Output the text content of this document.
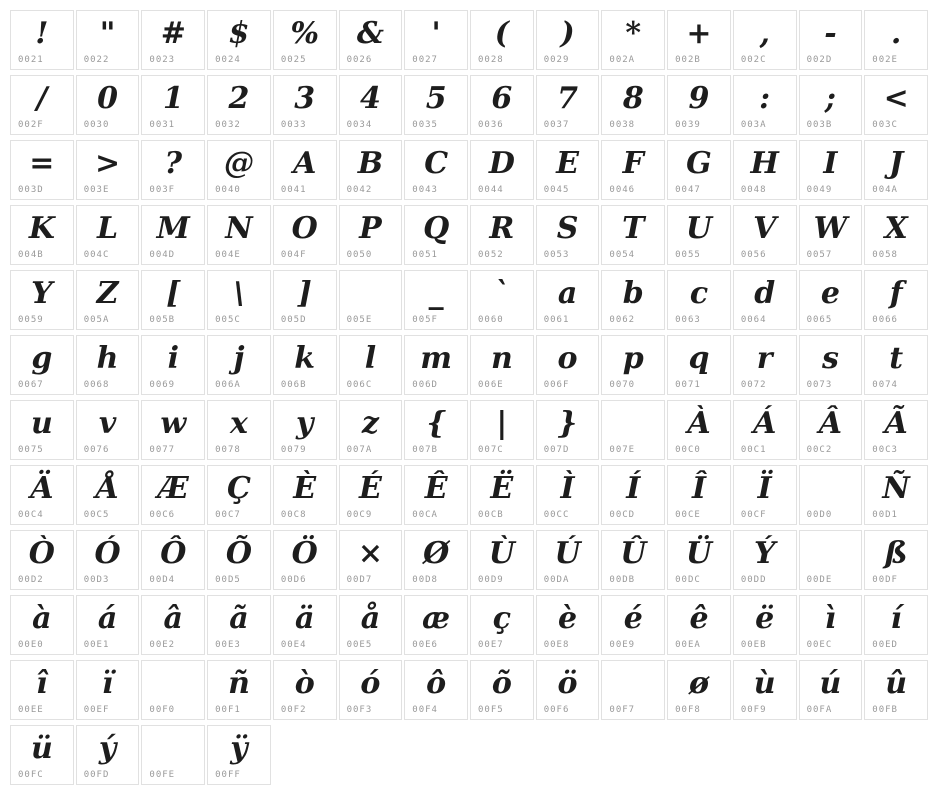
!
0021
"
0022
#
0023
$
0024
%
0025
&
0026
'
0027
(
0028
)
0029
*
002A
+
002B
,
002C
-
002D
.
002E
/
002F
0
0030
1
0031
2
0032
3
0033
4
0034
5
0035
6
0036
7
0037
8
0038
9
0039
:
003A
;
003B
<
003C
=
003D
>
003E
?
003F
@
0040
A
0041
B
0042
C
0043
D
0044
E
0045
F
0046
G
0047
H
0048
I
0049
J
004A
K
004B
L
004C
M
004D
N
004E
O
004F
P
0050
Q
0051
R
0052
S
0053
T
0054
U
0055
V
0056
W
0057
X
0058
Y
0059
Z
005A
[
005B
\
005C
]
005D	005E
_
005F
`
0060
a
0061
b
0062
c
0063
d
0064
e
0065
f
0066
g
0067
h
0068
i
0069
j
006A
k
006B
l
006C
m
006D
n
006E
o
006F
p
0070
q
0071
r
0072
s
0073
t
0074
u
0075
v
0076
w
0077
x
0078
y
0079
z
007A
{
007B
|
007C
}
007D	007E
À
00C0
Á
00C1
Â
00C2
Ã
00C3
Ä
00C4
Å
00C5
Æ
00C6
Ç
00C7
È
00C8
É
00C9
Ê
00CA
Ë
00CB
Ì
00CC
Í
00CD
Î
00CE
Ï
00CF	00D0
Ñ
00D1
Ò
00D2
Ó
00D3
Ô
00D4
Õ
00D5
Ö
00D6
×
00D7
Ø
00D8
Ù
00D9
Ú
00DA
Û
00DB
Ü
00DC
Ý
00DD	00DE
ß
00DF
à
00E0
á
00E1
â
00E2
ã
00E3
ä
00E4
å
00E5
æ
00E6
ç
00E7
è
00E8
é
00E9
ê
00EA
ë
00EB
ì
00EC
í
00ED
î
00EE
ï
00EF	00F0
ñ
00F1
ò
00F2
ó
00F3
ô
00F4
õ
00F5
ö
00F6	00F7
ø
00F8
ù
00F9
ú
00FA
û
00FB
ü
00FC
ý
00FD	00FE
ÿ
00FF
